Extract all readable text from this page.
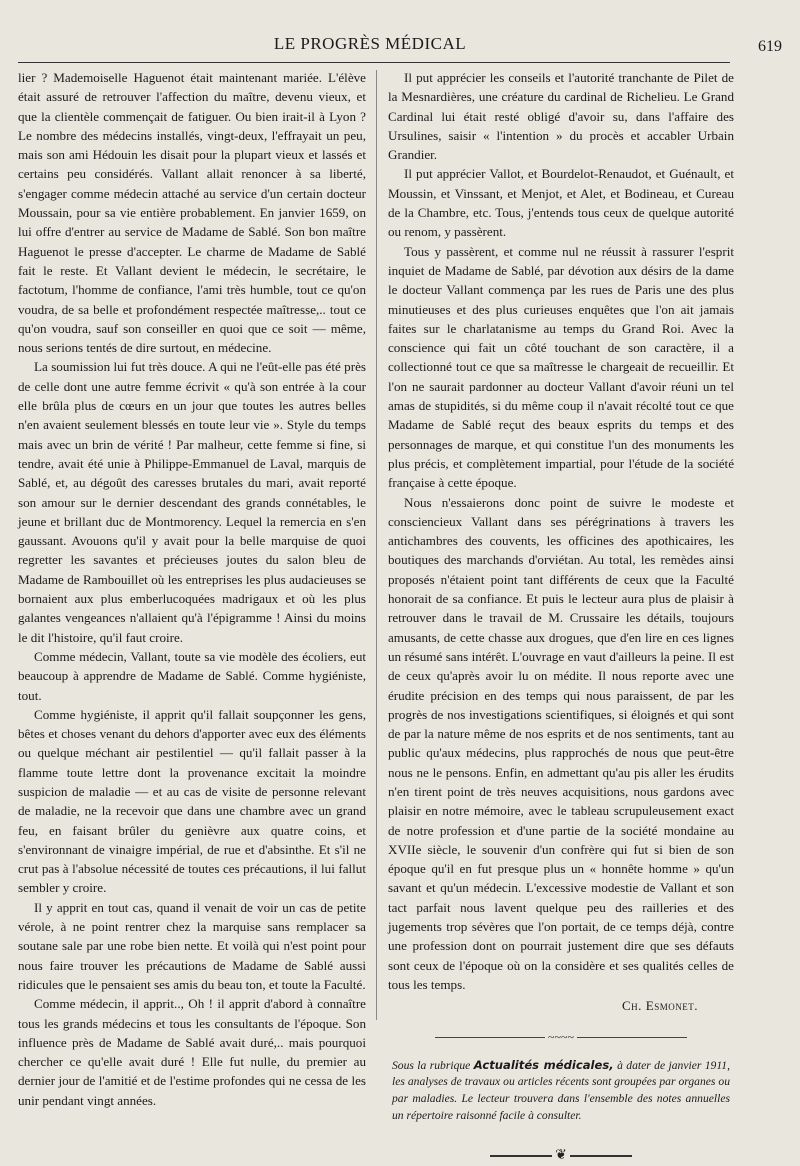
LE PROGRÈS MÉDICAL	619

lier ? Mademoiselle Haguenot était maintenant mariée. L'élève était assuré de retrouver l'affection du maître, devenu vieux, et que la clientèle commençait de fatiguer. Ou bien irait-il à Lyon ? Le nombre des médecins installés, vingt-deux, l'effrayait un peu, mais son ami Hédouin les disait pour la plupart vieux et lassés et certains peu considérés. Vallant allait renoncer à sa liberté, s'engager comme médecin attaché au service d'un certain docteur Moussain, pour sa vie entière probablement. En janvier 1659, on lui offre d'entrer au service de Madame de Sablé. Son bon maître Haguenot le presse d'accepter. Le charme de Madame de Sablé fait le reste. Et Vallant devient le médecin, le secrétaire, le factotum, l'homme de confiance, l'ami très humble, tout ce qu'on voudra, de sa belle et profondément respectée maîtresse,.. tout ce qu'on voudra, sauf son conseiller en quoi que ce soit — même, nous serions tentés de dire surtout, en médecine.

La soumission lui fut très douce. A qui ne l'eût-elle pas été près de celle dont une autre femme écrivit « qu'à son entrée à la cour elle brûla plus de cœurs en un jour que toutes les autres belles n'en avaient seulement blessés en toute leur vie ». Style du temps mais avec un brin de vérité ! Par malheur, cette femme si fine, si tendre, avait été unie à Philippe-Emmanuel de Laval, marquis de Sablé, et, au dégoût des caresses brutales du mari, avait reporté son amour sur le dernier descendant des grands connétables, le jeune et brillant duc de Montmorency. Lequel la remercia en s'en gaussant. Avouons qu'il y avait pour la belle marquise de quoi regretter les savantes et précieuses joutes du salon bleu de Madame de Rambouillet où les entreprises les plus audacieuses se bornaient aux plus emberlucoquées madrigaux et où les plus galantes vengeances n'allaient qu'à l'épigramme ! Ainsi du moins le dit l'histoire, qu'il faut croire.

Comme médecin, Vallant, toute sa vie modèle des écoliers, eut beaucoup à apprendre de Madame de Sablé. Comme hygiéniste, tout.

Comme hygiéniste, il apprit qu'il fallait soupçonner les gens, bêtes et choses venant du dehors d'apporter avec eux des éléments ou quelque méchant air pestilentiel — qu'il fallait passer à la flamme toute lettre dont la provenance excitait la moindre suspicion de maladie — et au cas de visite de personne relevant de maladie, ne la recevoir que dans une chambre avec un grand feu, en faisant brûler du genièvre aux quatre coins, et s'environnant de vinaigre impérial, de rue et d'absinthe. Et s'il ne crut pas à l'absolue nécessité de toutes ces précautions, il lui fallut sembler y croire.

Il y apprit en tout cas, quand il venait de voir un cas de petite vérole, à ne point rentrer chez la marquise sans remplacer sa soutane sale par une robe bien nette. Et voilà qui n'est point pour nous faire trouver les précautions de Madame de Sablé aussi ridicules que le pensaient ses amis du beau ton, et toute la Faculté.

Comme médecin, il apprit.., Oh ! il apprit d'abord à connaître tous les grands médecins et tous les consultants de l'époque. Son influence près de Madame de Sablé avait duré,.. mais pourquoi chercher ce qu'elle avait duré ! Elle fut nulle, du premier au dernier jour de l'amitié et de l'estime profondes qui ne cessa de les unir pendant vingt années.

Il put apprécier les conseils et l'autorité tranchante de Pilet de la Mesnardières, une créature du cardinal de Richelieu. Le Grand Cardinal lui était resté obligé d'avoir su, dans l'affaire des Ursulines, saisir « l'intention » du procès et accabler Urbain Grandier.

Il put apprécier Vallot, et Bourdelot-Renaudot, et Guénault, et Moussin, et Vinssant, et Menjot, et Alet, et Bodineau, et Cureau de la Chambre, etc. Tous, j'entends tous ceux de quelque autorité ou renom, y passèrent.

Tous y passèrent, et comme nul ne réussit à rassurer l'esprit inquiet de Madame de Sablé, par dévotion aux désirs de la dame le docteur Vallant commença par les rues de Paris une des plus minutieuses et des plus curieuses enquêtes que l'on ait jamais faites sur le charlatanisme au temps du Grand Roi. Avec la conscience qui fait un côté touchant de son caractère, il a collectionné tout ce que sa maîtresse le chargeait de recueillir. Et l'on ne saurait pardonner au docteur Vallant d'avoir réuni un tel amas de stupidités, si du même coup il n'avait récolté tout ce que Madame de Sablé reçut des beaux esprits du temps et des personnages de marque, et qui constitue l'un des monuments les plus précis, et complètement impartial, pour l'étude de la société française à cette époque.

Nous n'essaierons donc point de suivre le modeste et consciencieux Vallant dans ses pérégrinations à travers les antichambres des couvents, les officines des apothicaires, les boutiques des marchands d'orviétan. Au total, les remèdes ainsi proposés n'étaient point tant différents de ceux que la Faculté honorait de sa confiance. Et puis le lecteur aura plus de plaisir à retrouver dans le travail de M. Crussaire les détails, toujours amusants, de cette chasse aux drogues, que d'en lire en ces lignes un résumé sans intérêt. L'ouvrage en vaut d'ailleurs la peine. Il est de ceux qu'après avoir lu on médite. Il nous reporte avec une érudite précision en des temps qui nous paraissent, de par les progrès de nos investigations scientifiques, si éloignés et qui sont de par la nature même de nos esprits et de nos sentiments, tant au public qu'aux médecins, plus rapprochés de nous que peut-être nous ne le pensons. Enfin, en admettant qu'au pis aller les érudits n'en tirent point de très neuves acquisitions, nous gardons avec plaisir en notre mémoire, avec le tableau scrupuleusement exact de notre profession et d'une partie de la société mondaine au XVIIe siècle, le souvenir d'un confrère qui fut si bien de son époque qu'il en fut presque plus un « honnête homme » qu'un savant et qu'un médecin. L'excessive modestie de Vallant et son tact parfait nous lavent quelque peu des railleries et des jugements trop sévères que l'on portait, de ce temps déjà, contre une profession dont on pourrait justement dire que ses défauts sont ceux de l'époque où on la considère et ses qualités celles de tous les temps.

Ch. Esmonet.
~~~~
Sous la rubrique Actualités médicales, à dater de janvier 1911, les analyses de travaux ou articles récents sont groupées par organes ou par maladies. Le lecteur trouvera dans l'ensemble des notes annuelles un répertoire raisonné facile à consulter.
❦
